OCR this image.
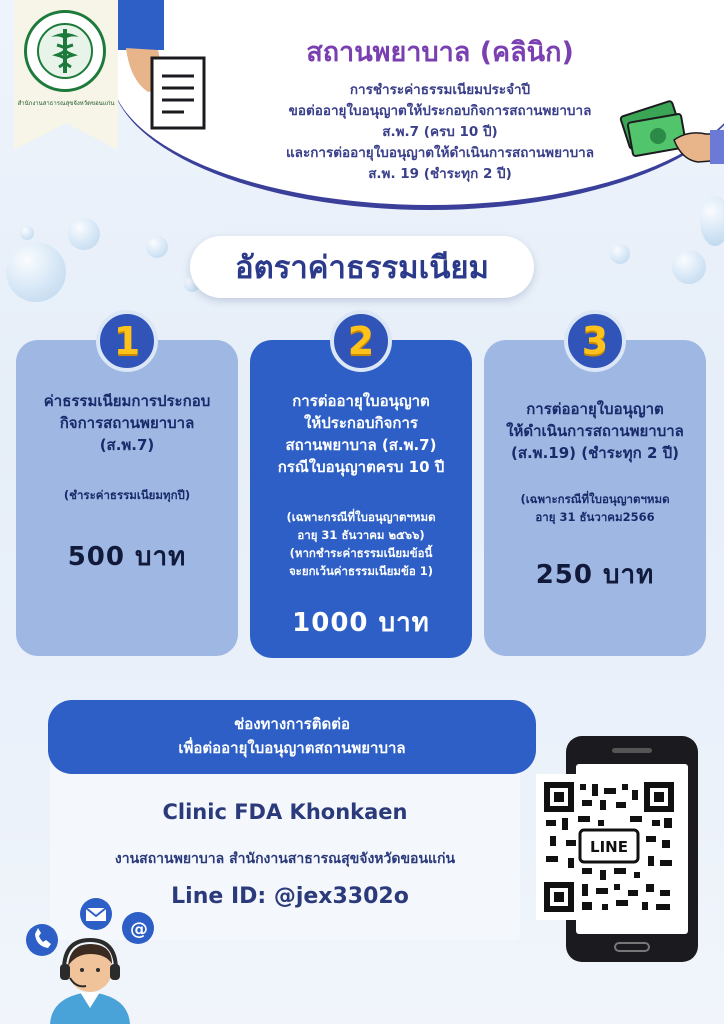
สำนักงานสาธารณสุขจังหวัดขอนแก่น
สถานพยาบาล (คลินิก)
การชำระค่าธรรมเนียมประจำปี
ขอต่ออายุใบอนุญาตให้ประกอบกิจการสถานพยาบาล
ส.พ.7 (ครบ 10 ปี)
และการต่ออายุใบอนุญาตให้ดำเนินการสถานพยาบาล
ส.พ. 19 (ชำระทุก 2 ปี)
อัตราค่าธรรมเนียม
ค่าธรรมเนียมการประกอบ
กิจการสถานพยาบาล
(ส.พ.7)
(ชำระค่าธรรมเนียมทุกปี)
500 บาท
1
การต่ออายุใบอนุญาต
ให้ประกอบกิจการ
สถานพยาบาล (ส.พ.7)
กรณีใบอนุญาตครบ 10 ปี
(เฉพาะกรณีที่ใบอนุญาตฯหมด
อายุ 31 ธันวาคม ๒๕๖๖)
(หากชำระค่าธรรมเนียมข้อนี้
จะยกเว้นค่าธรรมเนียมข้อ 1)
1000 บาท
2
การต่ออายุใบอนุญาต
ให้ดำเนินการสถานพยาบาล
(ส.พ.19) (ชำระทุก 2 ปี)
(เฉพาะกรณีที่ใบอนุญาตฯหมด
อายุ 31 ธันวาคม2566
250 บาท
3
ช่องทางการติดต่อ
เพื่อต่ออายุใบอนุญาตสถานพยาบาล
Clinic FDA Khonkaen
งานสถานพยาบาล สำนักงานสาธารณสุขจังหวัดขอนแก่น
Line ID: @jex3302o
LINE
@
